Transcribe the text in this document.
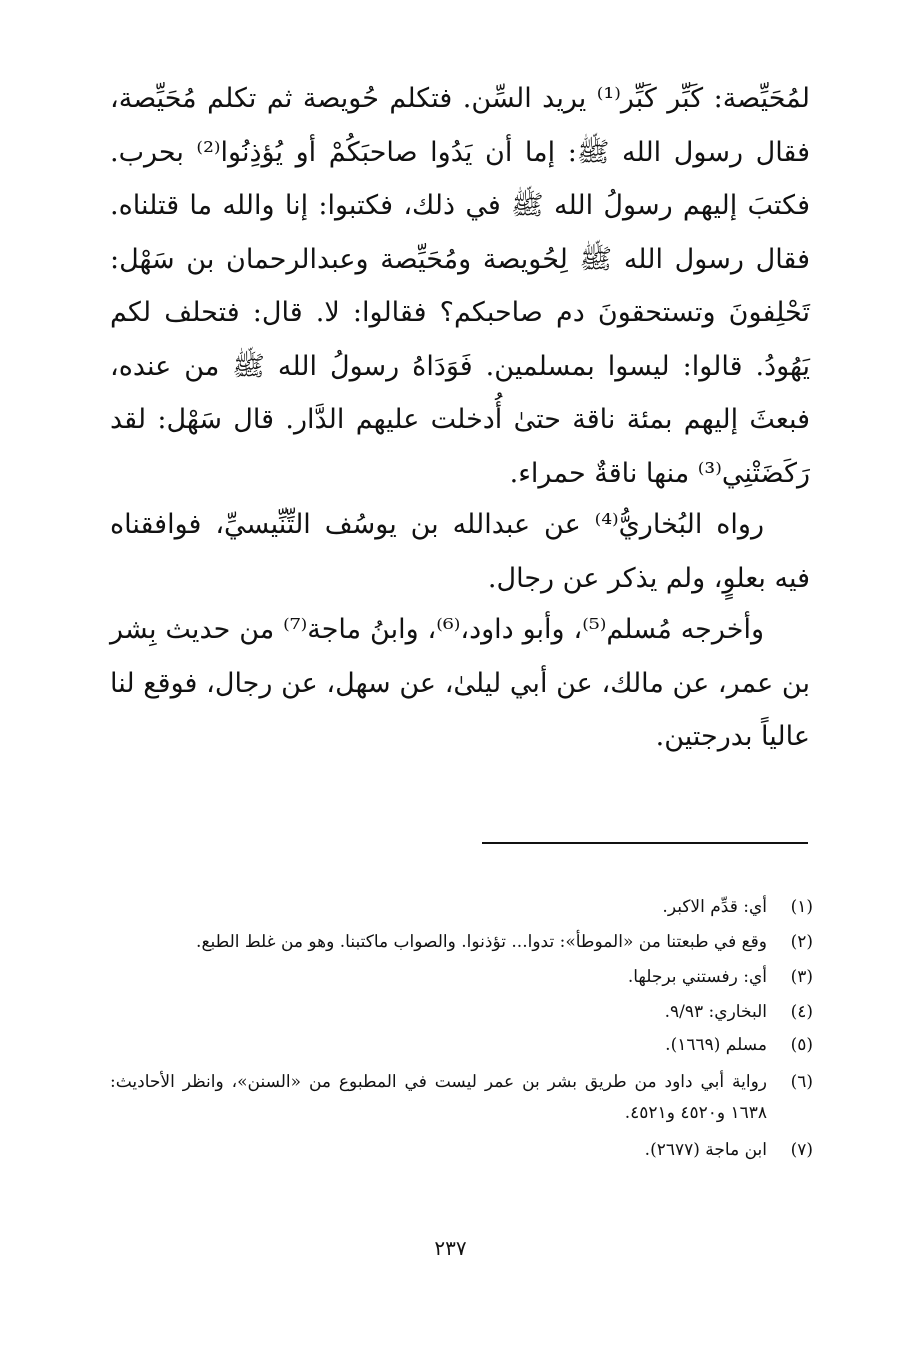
لمُحَيِّصة: كَبِّر كَبِّر⁽¹⁾ يريد السِّن. فتكلم حُويصة ثم تكلم مُحَيِّصة، فقال رسول الله ﷺ: إما أن يَدُوا صاحبَكُمْ أو يُؤذِنُوا⁽²⁾ بحرب. فكتبَ إليهم رسولُ الله ﷺ في ذلك، فكتبوا: إنا والله ما قتلناه. فقال رسول الله ﷺ لِحُويصة ومُحَيِّصة وعبدالرحمان بن سَهْل: تَحْلِفونَ وتستحقونَ دم صاحبكم؟ فقالوا: لا. قال: فتحلف لكم يَهُودُ. قالوا: ليسوا بمسلمين. فَوَدَاهُ رسولُ الله ﷺ من عنده، فبعثَ إليهم بمئة ناقة حتىٰ أُدخلت عليهم الدَّار. قال سَهْل: لقد رَكَضَتْنِي⁽³⁾ منها ناقةٌ حمراء.

رواه البُخاريُّ⁽⁴⁾ عن عبدالله بن يوسُف التِّنِّيسيِّ، فوافقناه فيه بعلوٍ، ولم يذكر عن رجال.

وأخرجه مُسلم⁽⁵⁾، وأبو داود،⁽⁶⁾، وابنُ ماجة⁽⁷⁾ من حديث بِشر بن عمر، عن مالك، عن أبي ليلىٰ، عن سهل، عن رجال، فوقع لنا عالياً بدرجتين.

(١)
أي: قدِّم الاكبر.
(٢)
وقع في طبعتنا من «الموطأ»: تدوا... تؤذنوا. والصواب ماكتبنا. وهو من غلط الطبع.
(٣)
أي: رفستني برجلها.
(٤)
البخاري: ٩/٩٣.
(٥)
مسلم (١٦٦٩).
(٦)
رواية أبي داود من طريق بشر بن عمر ليست في المطبوع من «السنن»، وانظر الأحاديث: ١٦٣٨ و٤٥٢٠ و٤٥٢١.
(٧)
ابن ماجة (٢٦٧٧).
٢٣٧
